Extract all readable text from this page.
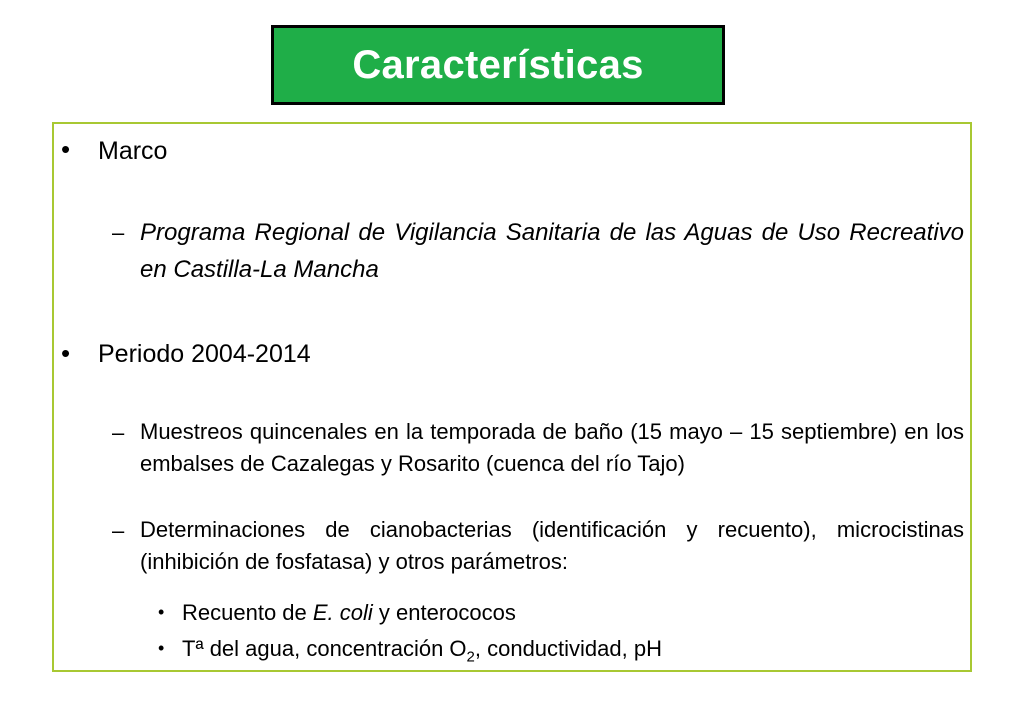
Características
• Marco
– Programa Regional de Vigilancia Sanitaria de las Aguas de Uso Recreativo en Castilla-La Mancha
• Periodo 2004-2014
– Muestreos quincenales en la temporada de baño (15 mayo – 15 septiembre) en los embalses de Cazalegas y Rosarito (cuenca del río Tajo)
– Determinaciones de cianobacterias (identificación y recuento), microcistinas (inhibición de fosfatasa) y otros parámetros:
• Recuento de E. coli y enterococos
• Tª del agua, concentración $O_2$, conductividad, pH
